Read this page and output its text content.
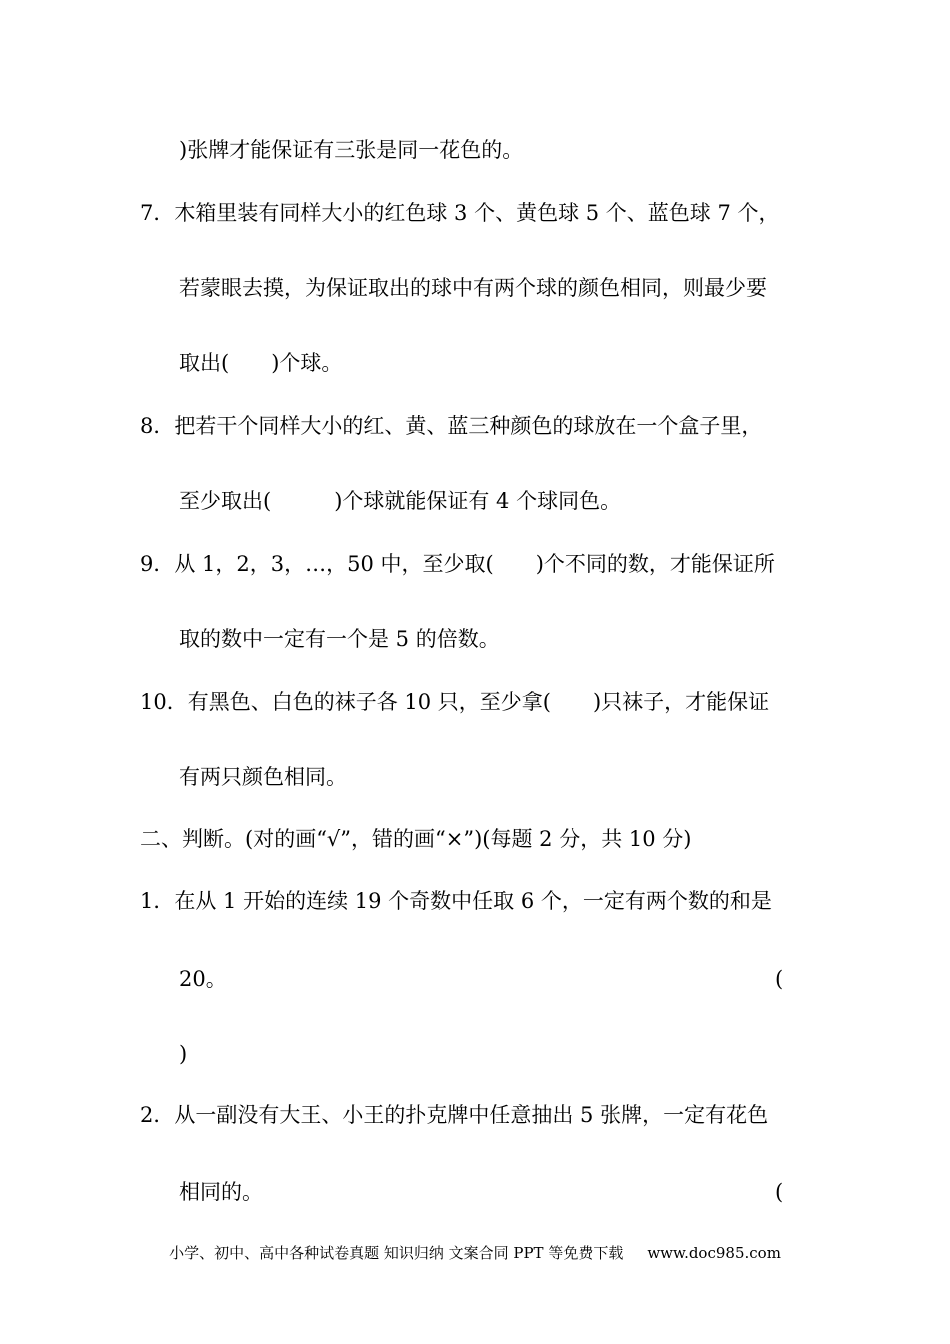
)张牌才能保证有三张是同一花色的。
7．木箱里装有同样大小的红色球 3 个、黄色球 5 个、蓝色球 7 个，
若蒙眼去摸，为保证取出的球中有两个球的颜色相同，则最少要
取出(　　)个球。
8．把若干个同样大小的红、黄、蓝三种颜色的球放在一个盒子里，
至少取出(　　　)个球就能保证有 4 个球同色。
9．从 1，2，3，…，50 中，至少取(　　)个不同的数，才能保证所
取的数中一定有一个是 5 的倍数。
10．有黑色、白色的袜子各 10 只，至少拿(　　)只袜子，才能保证
有两只颜色相同。
二、判断。(对的画“√”，错的画“×”)(每题 2 分，共 10 分)
1．在从 1 开始的连续 19 个奇数中任取 6 个，一定有两个数的和是
20。	(
)
2．从一副没有大王、小王的扑克牌中任意抽出 5 张牌，一定有花色
相同的。	(
小学、初中、高中各种试卷真题 知识归纳 文案合同 PPT 等免费下载 www.doc985.com
